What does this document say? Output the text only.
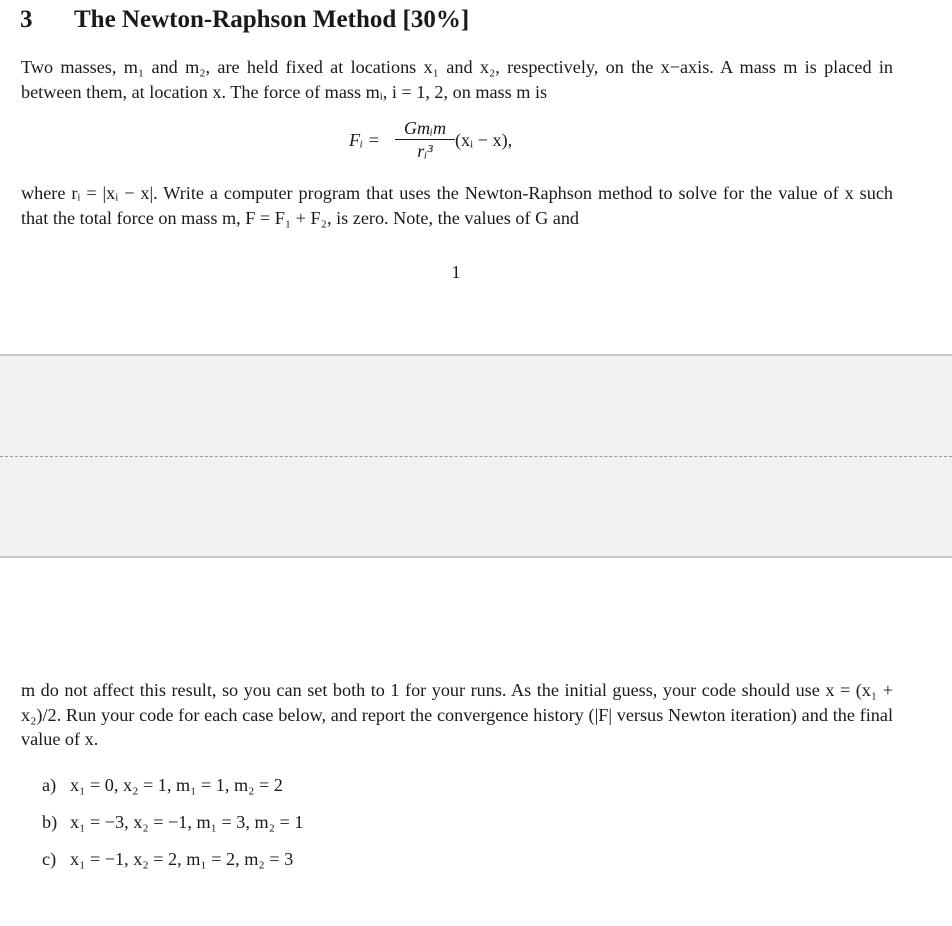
3 The Newton-Raphson Method [30%]

Two masses, m₁ and m₂, are held fixed at locations x₁ and x₂, respectively, on the x−axis. A mass m is placed in between them, at location x. The force of mass mᵢ, i = 1, 2, on mass m is

Fᵢ =
Gmᵢm
rᵢ³
(xᵢ − x),

where rᵢ = |xᵢ − x|. Write a computer program that uses the Newton-Raphson method to solve for the value of x such that the total force on mass m, F = F₁ + F₂, is zero. Note, the values of G and

1

m do not affect this result, so you can set both to 1 for your runs. As the initial guess, your code should use x = (x₁ + x₂)/2. Run your code for each case below, and report the convergence history (|F| versus Newton iteration) and the final value of x.

a) x₁ = 0, x₂ = 1, m₁ = 1, m₂ = 2
b) x₁ = −3, x₂ = −1, m₁ = 3, m₂ = 1
c) x₁ = −1, x₂ = 2, m₁ = 2, m₂ = 3
